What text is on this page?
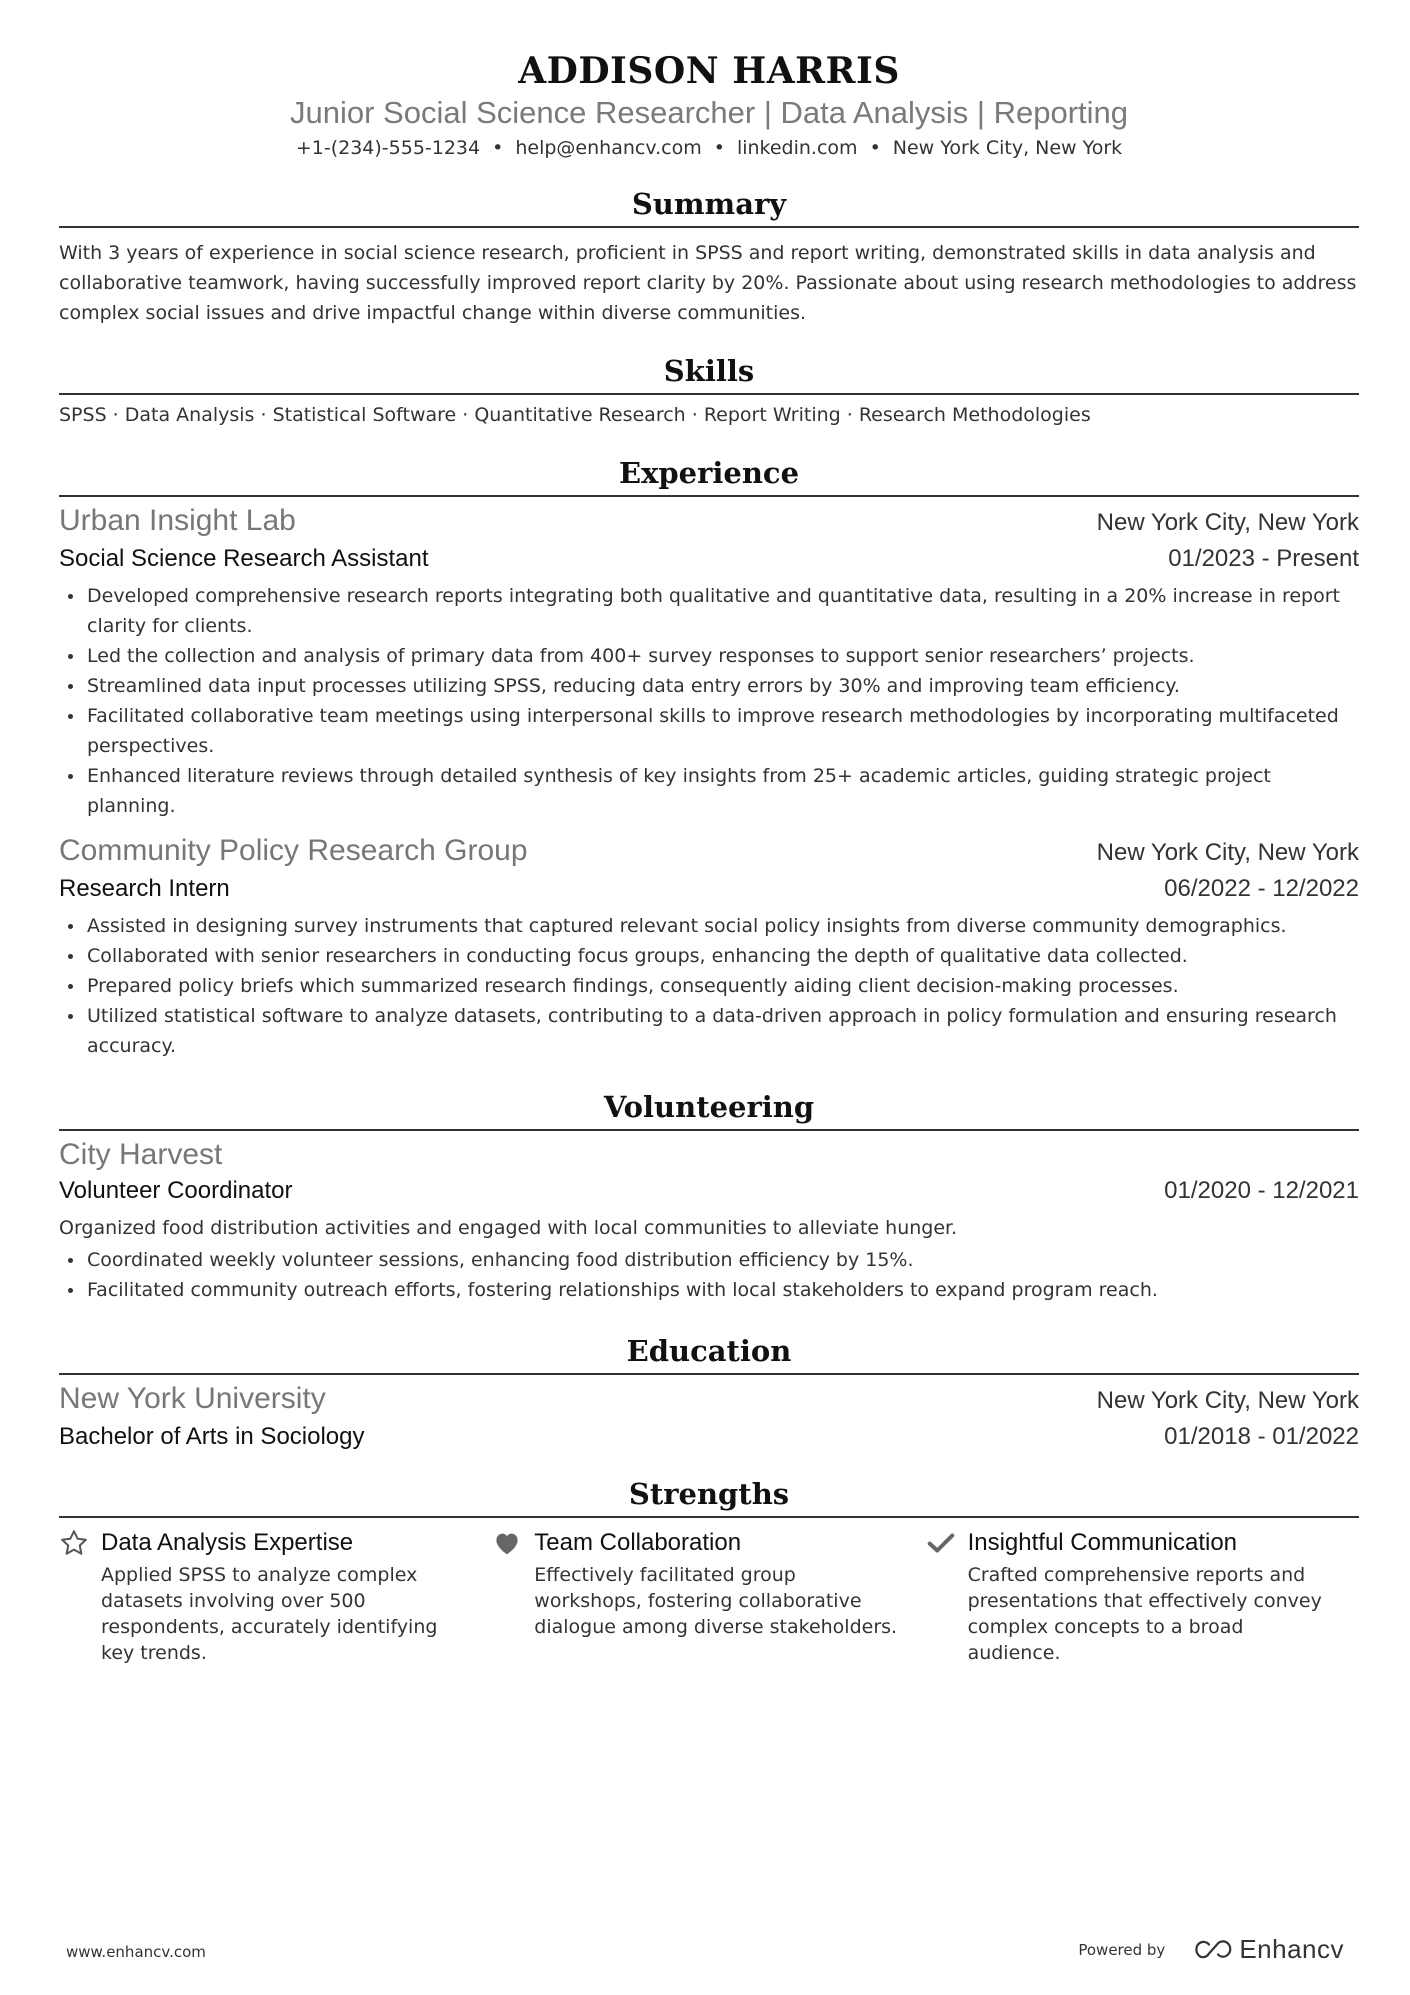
ADDISON HARRIS
Junior Social Science Researcher | Data Analysis | Reporting
+1-(234)-555-1234 • help@enhancv.com • linkedin.com • New York City, New York
Summary
With 3 years of experience in social science research, proficient in SPSS and report writing, demonstrated skills in data analysis and collaborative teamwork, having successfully improved report clarity by 20%. Passionate about using research methodologies to address complex social issues and drive impactful change within diverse communities.
Skills
SPSS · Data Analysis · Statistical Software · Quantitative Research · Report Writing · Research Methodologies
Experience
Urban Insight Lab	New York City, New York
Social Science Research Assistant	01/2023 - Present
Developed comprehensive research reports integrating both qualitative and quantitative data, resulting in a 20% increase in report clarity for clients.
Led the collection and analysis of primary data from 400+ survey responses to support senior researchers’ projects.
Streamlined data input processes utilizing SPSS, reducing data entry errors by 30% and improving team efficiency.
Facilitated collaborative team meetings using interpersonal skills to improve research methodologies by incorporating multifaceted perspectives.
Enhanced literature reviews through detailed synthesis of key insights from 25+ academic articles, guiding strategic project planning.
Community Policy Research Group	New York City, New York
Research Intern	06/2022 - 12/2022
Assisted in designing survey instruments that captured relevant social policy insights from diverse community demographics.
Collaborated with senior researchers in conducting focus groups, enhancing the depth of qualitative data collected.
Prepared policy briefs which summarized research findings, consequently aiding client decision-making processes.
Utilized statistical software to analyze datasets, contributing to a data-driven approach in policy formulation and ensuring research accuracy.
Volunteering
City Harvest
Volunteer Coordinator	01/2020 - 12/2021
Organized food distribution activities and engaged with local communities to alleviate hunger.
Coordinated weekly volunteer sessions, enhancing food distribution efficiency by 15%.
Facilitated community outreach efforts, fostering relationships with local stakeholders to expand program reach.
Education
New York University	New York City, New York
Bachelor of Arts in Sociology	01/2018 - 01/2022
Strengths
Data Analysis Expertise
Applied SPSS to analyze complex datasets involving over 500 respondents, accurately identifying key trends.
Team Collaboration
Effectively facilitated group workshops, fostering collaborative dialogue among diverse stakeholders.
Insightful Communication
Crafted comprehensive reports and presentations that effectively convey complex concepts to a broad audience.
www.enhancv.com	Powered by	Enhancv
